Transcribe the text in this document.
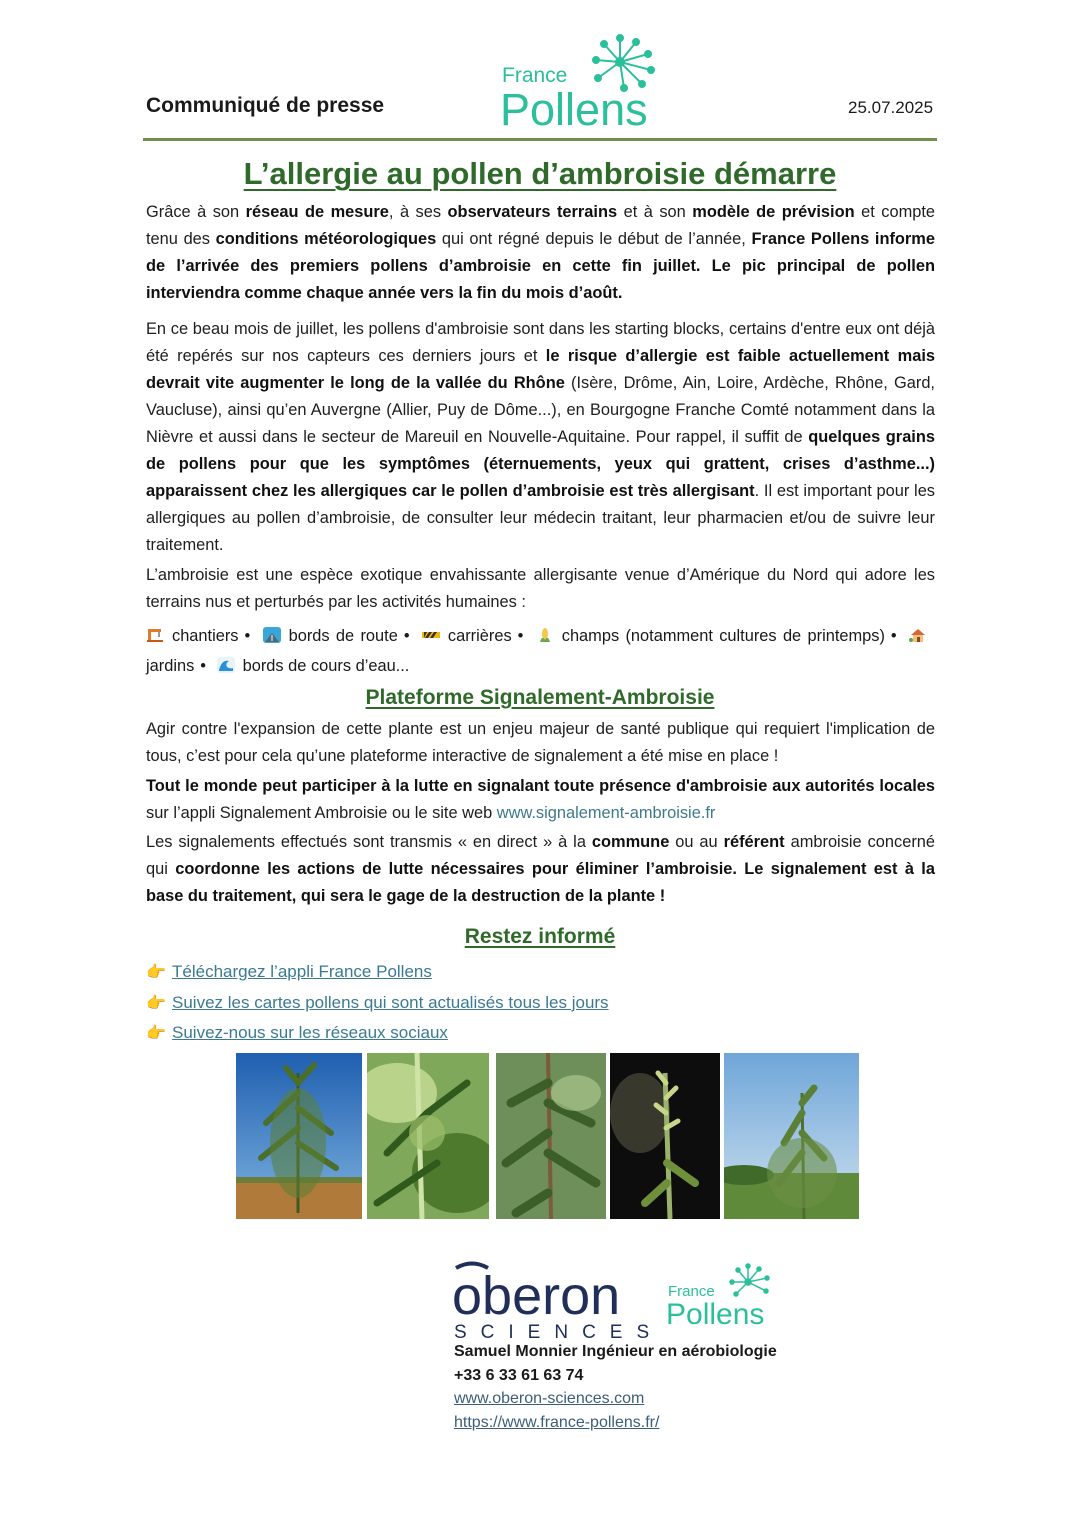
Communiqué de presse
France
Pollens	25.07.2025
L’allergie au pollen d’ambroisie démarre
Grâce à son réseau de mesure, à ses observateurs terrains et à son modèle de prévision et compte tenu des conditions météorologiques qui ont régné depuis le début de l’année, France Pollens informe de l’arrivée des premiers pollens d’ambroisie en cette fin juillet. Le pic principal de pollen interviendra comme chaque année vers la fin du mois d’août.
En ce beau mois de juillet, les pollens d'ambroisie sont dans les starting blocks, certains d'entre eux ont déjà été repérés sur nos capteurs ces derniers jours et le risque d’allergie est faible actuellement mais devrait vite augmenter le long de la vallée du Rhône (Isère, Drôme, Ain, Loire, Ardèche, Rhône, Gard, Vaucluse), ainsi qu’en Auvergne (Allier, Puy de Dôme...), en Bourgogne Franche Comté notamment dans la Nièvre et aussi dans le secteur de Mareuil en Nouvelle-Aquitaine. Pour rappel, il suffit de quelques grains de pollens pour que les symptômes (éternuements, yeux qui grattent, crises d’asthme...) apparaissent chez les allergiques car le pollen d’ambroisie est très allergisant. Il est important pour les allergiques au pollen d’ambroisie, de consulter leur médecin traitant, leur pharmacien et/ou de suivre leur traitement.
L’ambroisie est une espèce exotique envahissante allergisante venue d’Amérique du Nord qui adore les terrains nus et perturbés par les activités humaines :
chantiers • bords de route • carrières • champs (notamment cultures de printemps) •
jardins • bords de cours d’eau...
Plateforme Signalement-Ambroisie
Agir contre l'expansion de cette plante est un enjeu majeur de santé publique qui requiert l'implication de tous, c’est pour cela qu’une plateforme interactive de signalement a été mise en place !
Tout le monde peut participer à la lutte en signalant toute présence d'ambroisie aux autorités locales sur l’appli Signalement Ambroisie ou le site web www.signalement-ambroisie.fr
Les signalements effectués sont transmis « en direct » à la commune ou au référent ambroisie concerné qui coordonne les actions de lutte nécessaires pour éliminer l’ambroisie. Le signalement est à la base du traitement, qui sera le gage de la destruction de la plante !
Restez informé
👉 Téléchargez l’appli France Pollens
👉 Suivez les cartes pollens qui sont actualisés tous les jours
👉 Suivez-nous sur les réseaux sociaux
oberon
SCIENCES
France
Pollens
Samuel Monnier Ingénieur en aérobiologie
+33 6 33 61 63 74
www.oberon-sciences.com
https://www.france-pollens.fr/
